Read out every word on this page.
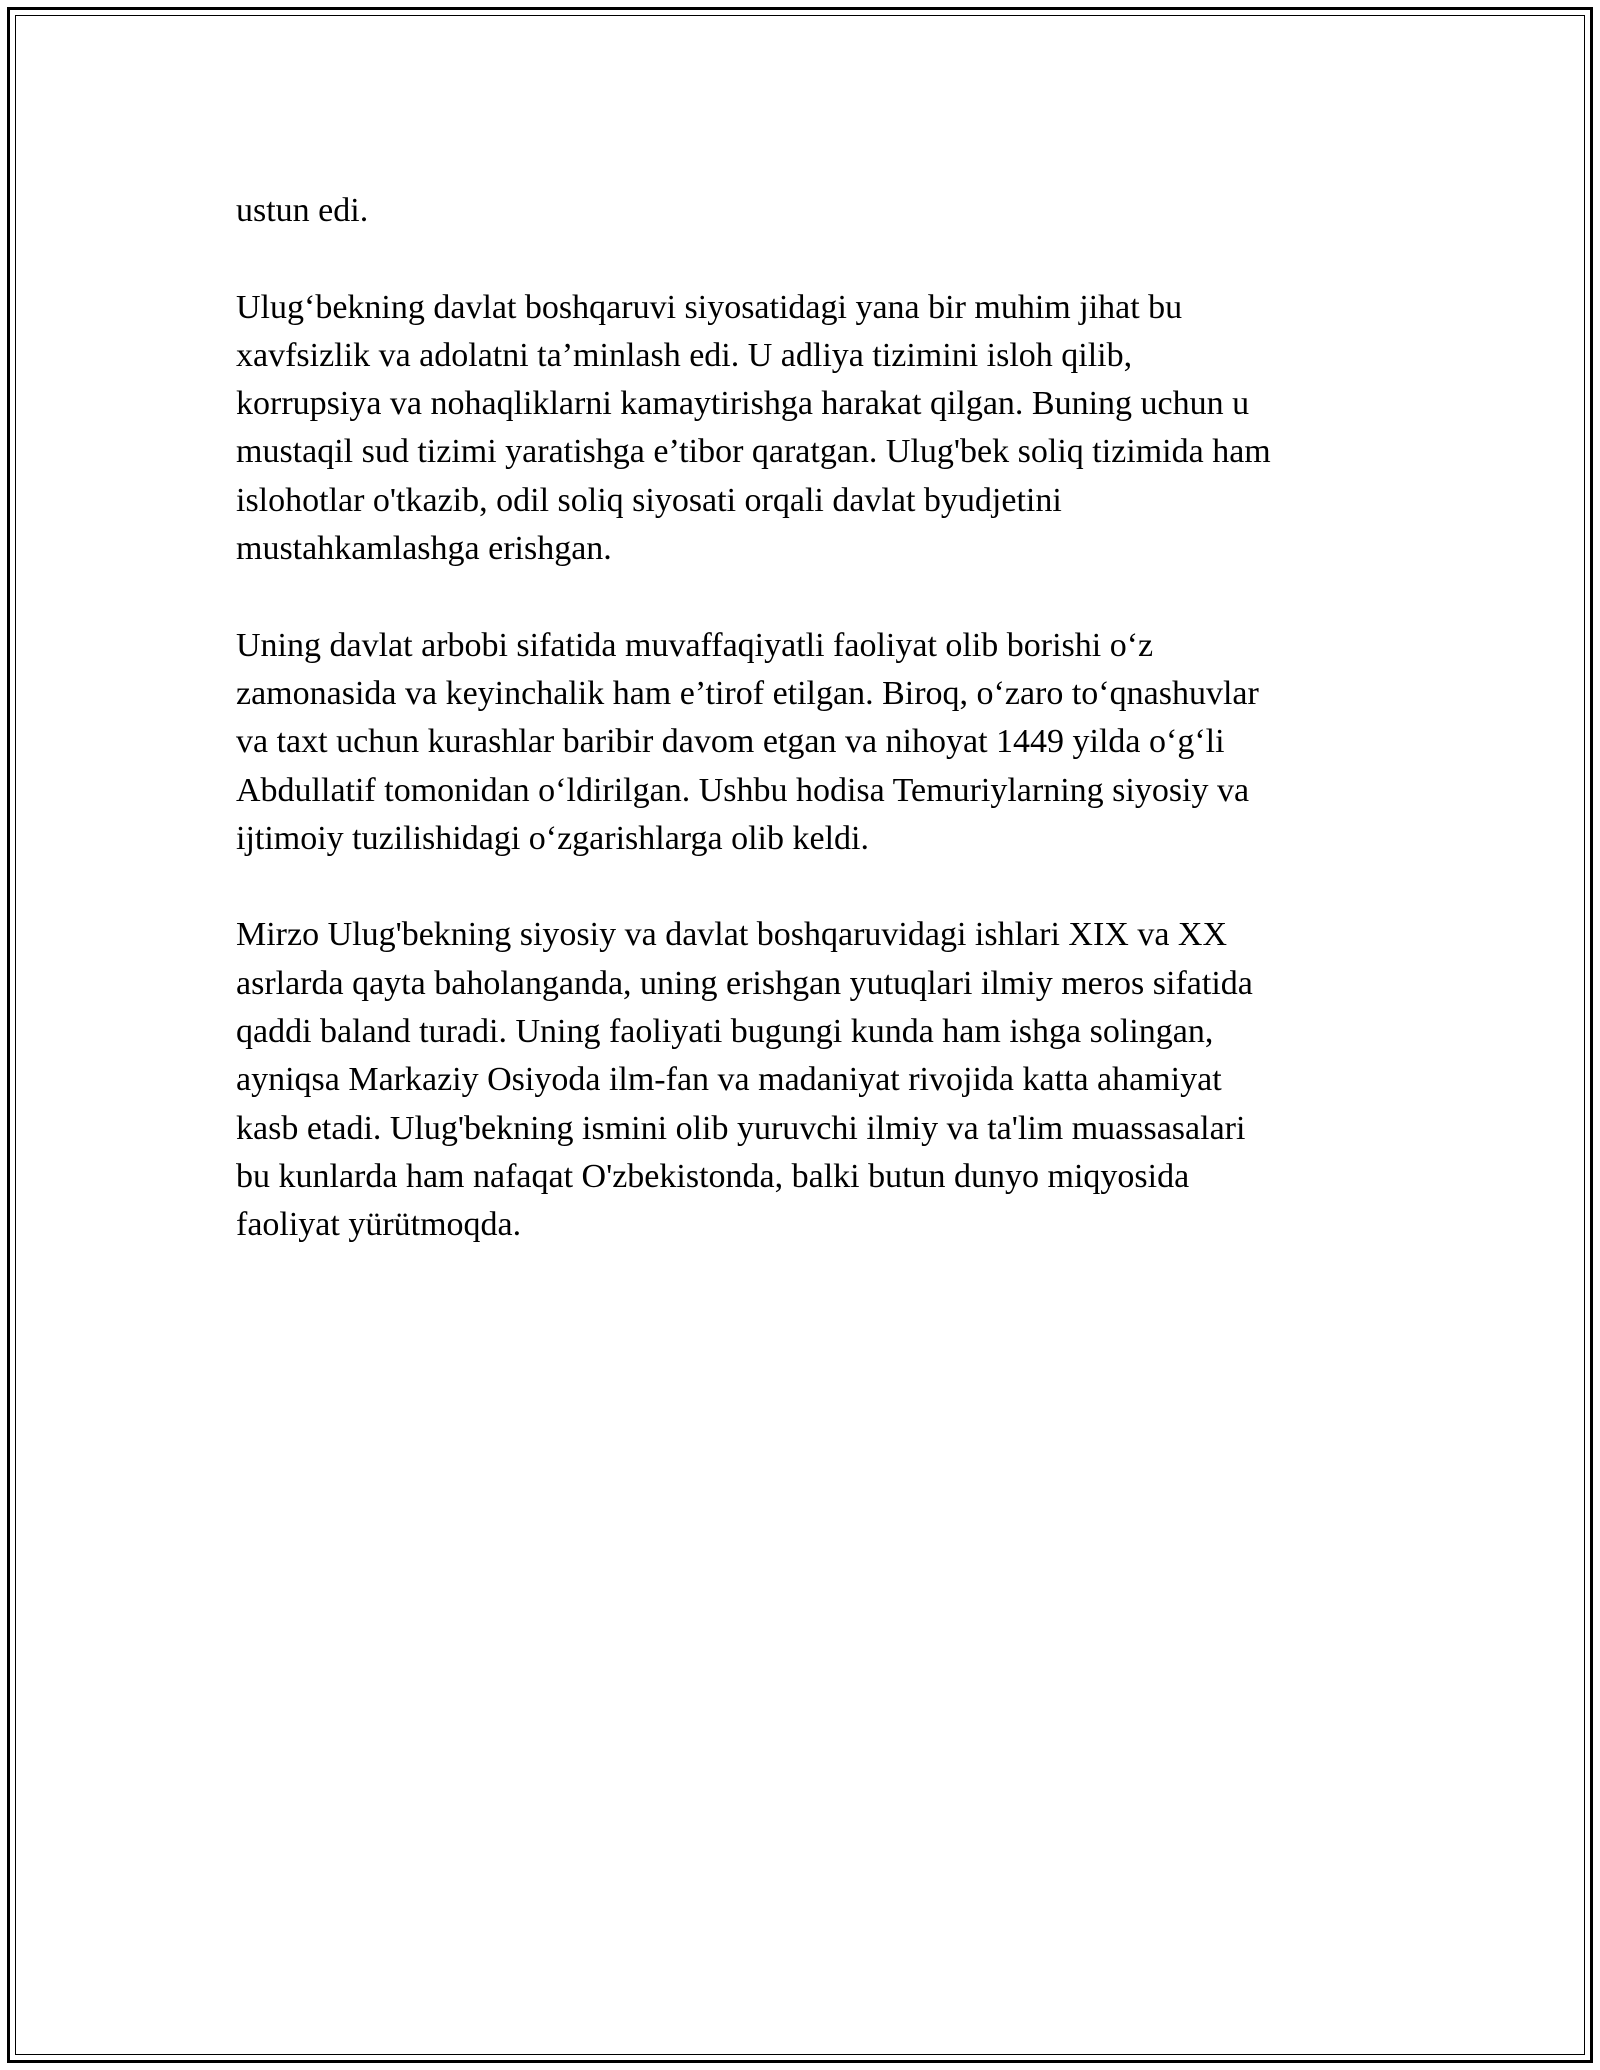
ustun edi.

Ulug‘bekning davlat boshqaruvi siyosatidagi yana bir muhim jihat bu
xavfsizlik va adolatni ta’minlash edi. U adliya tizimini isloh qilib,
korrupsiya va nohaqliklarni kamaytirishga harakat qilgan. Buning uchun u
mustaqil sud tizimi yaratishga e’tibor qaratgan. Ulug'bek soliq tizimida ham
islohotlar o'tkazib, odil soliq siyosati orqali davlat byudjetini
mustahkamlashga erishgan.

Uning davlat arbobi sifatida muvaffaqiyatli faoliyat olib borishi o‘z
zamonasida va keyinchalik ham e’tirof etilgan. Biroq, o‘zaro to‘qnashuvlar
va taxt uchun kurashlar baribir davom etgan va nihoyat 1449 yilda o‘g‘li
Abdullatif tomonidan o‘ldirilgan. Ushbu hodisa Temuriylarning siyosiy va
ijtimoiy tuzilishidagi o‘zgarishlarga olib keldi.

Mirzo Ulug'bekning siyosiy va davlat boshqaruvidagi ishlari XIX va XX
asrlarda qayta baholanganda, uning erishgan yutuqlari ilmiy meros sifatida
qaddi baland turadi. Uning faoliyati bugungi kunda ham ishga solingan,
ayniqsa Markaziy Osiyoda ilm-fan va madaniyat rivojida katta ahamiyat
kasb etadi. Ulug'bekning ismini olib yuruvchi ilmiy va ta'lim muassasalari
bu kunlarda ham nafaqat O'zbekistonda, balki butun dunyo miqyosida
faoliyat yürütmoqda.
